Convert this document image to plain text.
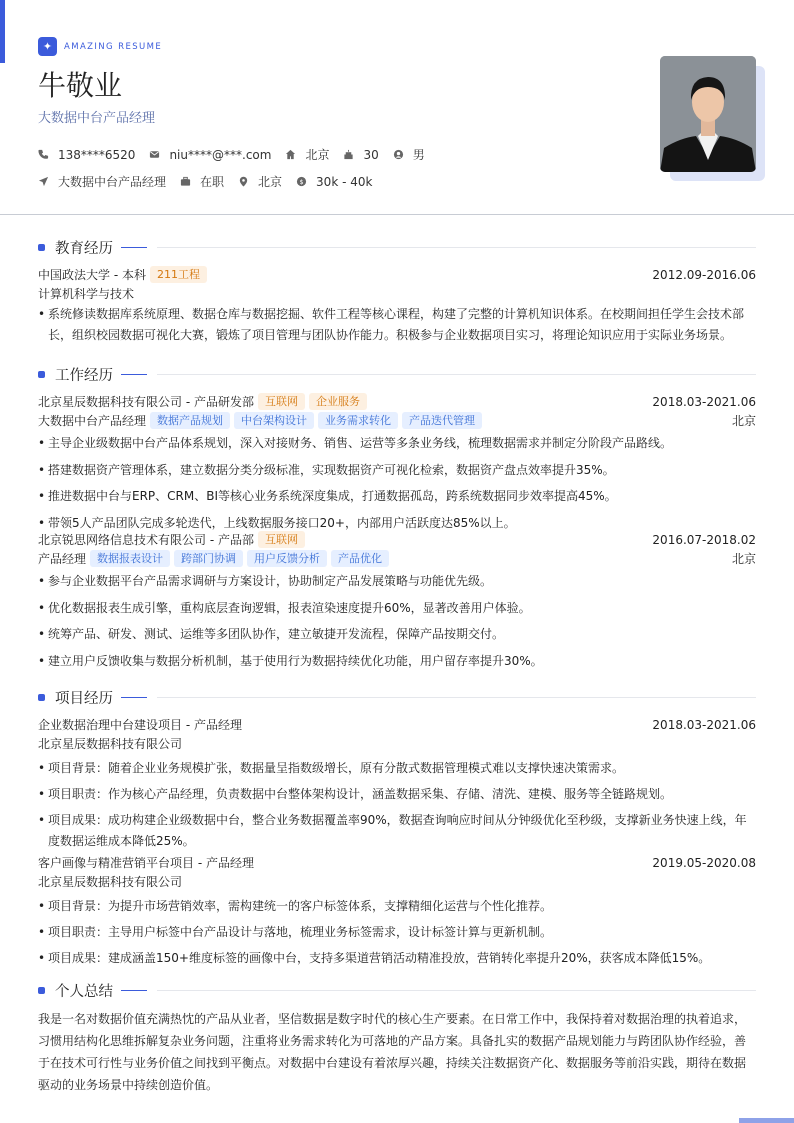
✦	AMAZING RESUME
牛敬业
大数据中台产品经理
138****6520	niu****@***.com	北京	30	男
大数据中台产品经理	在职	北京 $ 30k - 40k
教育经历
中国政法大学 - 本科	211工程	2012.09-2016.06
计算机科学与技术
• 系统修读数据库系统原理、数据仓库与数据挖掘、软件工程等核心课程，构建了完整的计算机知识体系。在校期间担任学生会技术部长，组织校园数据可视化大赛，锻炼了项目管理与团队协作能力。积极参与企业数据项目实习，将理论知识应用于实际业务场景。
工作经历
北京星辰数据科技有限公司 - 产品研发部	互联网	企业服务	2018.03-2021.06
大数据中台产品经理	数据产品规划	中台架构设计	业务需求转化	产品迭代管理	北京
• 主导企业级数据中台产品体系规划，深入对接财务、销售、运营等多条业务线，梳理数据需求并制定分阶段产品路线。
• 搭建数据资产管理体系，建立数据分类分级标准，实现数据资产可视化检索，数据资产盘点效率提升35%。
• 推进数据中台与ERP、CRM、BI等核心业务系统深度集成，打通数据孤岛，跨系统数据同步效率提高45%。
• 带领5人产品团队完成多轮迭代，上线数据服务接口20+，内部用户活跃度达85%以上。
北京锐思网络信息技术有限公司 - 产品部	互联网	2016.07-2018.02
产品经理	数据报表设计	跨部门协调	用户反馈分析	产品优化	北京
• 参与企业数据平台产品需求调研与方案设计，协助制定产品发展策略与功能优先级。
• 优化数据报表生成引擎，重构底层查询逻辑，报表渲染速度提升60%，显著改善用户体验。
• 统筹产品、研发、测试、运维等多团队协作，建立敏捷开发流程，保障产品按期交付。
• 建立用户反馈收集与数据分析机制，基于使用行为数据持续优化功能，用户留存率提升30%。
项目经历
企业数据治理中台建设项目 - 产品经理	2018.03-2021.06
北京星辰数据科技有限公司
• 项目背景：随着企业业务规模扩张，数据量呈指数级增长，原有分散式数据管理模式难以支撑快速决策需求。
• 项目职责：作为核心产品经理，负责数据中台整体架构设计，涵盖数据采集、存储、清洗、建模、服务等全链路规划。
• 项目成果：成功构建企业级数据中台，整合业务数据覆盖率90%，数据查询响应时间从分钟级优化至秒级，支撑新业务快速上线，年度数据运维成本降低25%。
客户画像与精准营销平台项目 - 产品经理	2019.05-2020.08
北京星辰数据科技有限公司
• 项目背景：为提升市场营销效率，需构建统一的客户标签体系，支撑精细化运营与个性化推荐。
• 项目职责：主导用户标签中台产品设计与落地，梳理业务标签需求，设计标签计算与更新机制。
• 项目成果：建成涵盖150+维度标签的画像中台，支持多渠道营销活动精准投放，营销转化率提升20%，获客成本降低15%。
个人总结
我是一名对数据价值充满热忱的产品从业者，坚信数据是数字时代的核心生产要素。在日常工作中，我保持着对数据治理的执着追求，习惯用结构化思维拆解复杂业务问题，注重将业务需求转化为可落地的产品方案。具备扎实的数据产品规划能力与跨团队协作经验，善于在技术可行性与业务价值之间找到平衡点。对数据中台建设有着浓厚兴趣，持续关注数据资产化、数据服务等前沿实践，期待在数据驱动的业务场景中持续创造价值。
